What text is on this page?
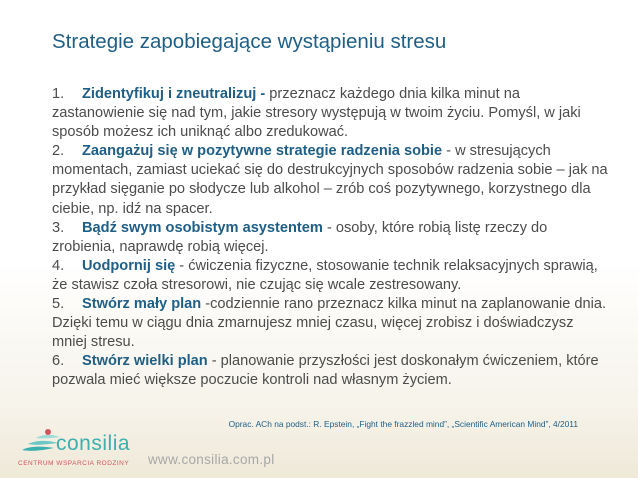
Strategie zapobiegające wystąpieniu stresu

1. Zidentyfikuj i zneutralizuj - przeznacz każdego dnia kilka minut na zastanowienie się nad tym, jakie stresory występują w twoim życiu. Pomyśl, w jaki sposób możesz ich uniknąć albo zredukować.

2. Zaangażuj się w pozytywne strategie radzenia sobie - w stresujących momentach, zamiast uciekać się do destrukcyjnych sposobów radzenia sobie – jak na przykład sięganie po słodycze lub alkohol – zrób coś pozytywnego, korzystnego dla ciebie, np. idź na spacer.

3. Bądź swym osobistym asystentem - osoby, które robią listę rzeczy do zrobienia, naprawdę robią więcej.

4. Uodpornij się - ćwiczenia fizyczne, stosowanie technik relaksacyjnych sprawią, że stawisz czoła stresorowi, nie czując się wcale zestresowany.

5. Stwórz mały plan -codziennie rano przeznacz kilka minut na zaplanowanie dnia. Dzięki temu w ciągu dnia zmarnujesz mniej czasu, więcej zrobisz i doświadczysz mniej stresu.

6. Stwórz wielki plan - planowanie przyszłości jest doskonałym ćwiczeniem, które pozwala mieć większe poczucie kontroli nad własnym życiem.

Oprac. ACh na podst.: R. Epstein, „Fight the frazzled mind”, „Scientific American Mind”, 4/2011
consilia
CENTRUM WSPARCIA RODZINY www.consilia.com.pl
